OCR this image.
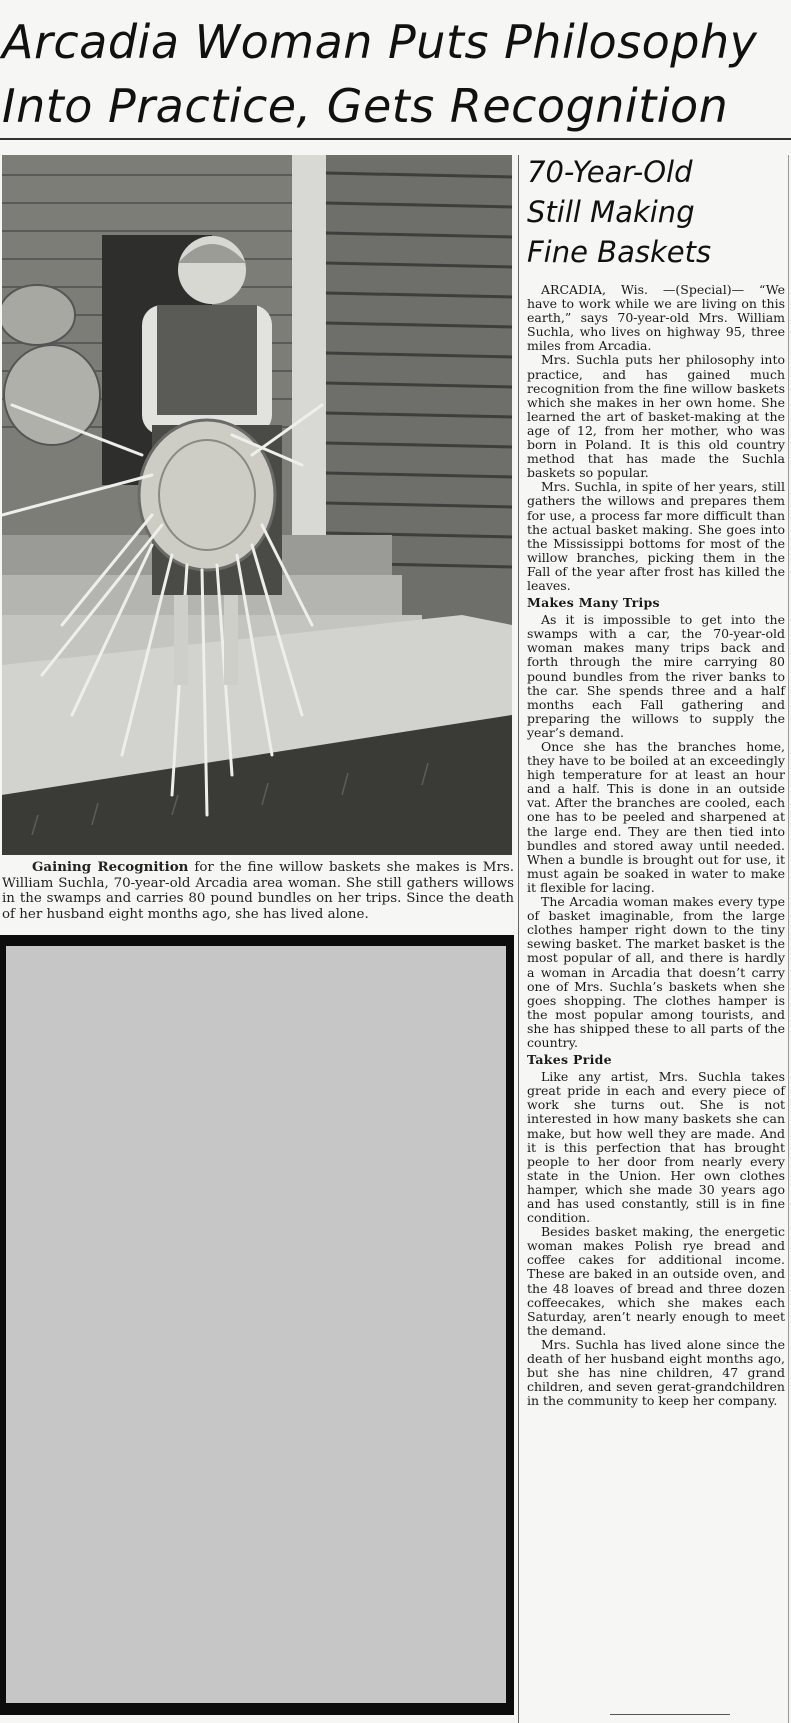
Arcadia Woman Puts Philosophy
Into Practice, Gets Recognition
Gaining Recognition for the fine willow baskets she makes is Mrs. William Suchla, 70-year-old Arcadia area woman. She still gathers willows in the swamps and carries 80 pound bundles on her trips. Since the death of her husband eight months ago, she has lived alone.
70-Year-Old
Still Making
Fine Baskets

ARCADIA, Wis. —(Special)— “We have to work while we are living on this earth,” says 70-year-old Mrs. William Suchla, who lives on highway 95, three miles from Arcadia.

Mrs. Suchla puts her philosophy into practice, and has gained much recognition from the fine willow baskets which she makes in her own home. She learned the art of basket-making at the age of 12, from her mother, who was born in Poland. It is this old country method that has made the Suchla baskets so popular.

Mrs. Suchla, in spite of her years, still gathers the willows and prepares them for use, a process far more difficult than the actual basket making. She goes into the Mississippi bottoms for most of the willow branches, picking them in the Fall of the year after frost has killed the leaves.

Makes Many Trips

As it is impossible to get into the swamps with a car, the 70-year-old woman makes many trips back and forth through the mire carrying 80 pound bundles from the river banks to the car. She spends three and a half months each Fall gathering and preparing the willows to supply the year’s demand.

Once she has the branches home, they have to be boiled at an exceedingly high temperature for at least an hour and a half. This is done in an outside vat. After the branches are cooled, each one has to be peeled and sharpened at the large end. They are then tied into bundles and stored away until needed. When a bundle is brought out for use, it must again be soaked in water to make it flexible for lacing.

The Arcadia woman makes every type of basket imaginable, from the large clothes hamper right down to the tiny sewing basket. The market basket is the most popular of all, and there is hardly a woman in Arcadia that doesn’t carry one of Mrs. Suchla’s baskets when she goes shopping. The clothes hamper is the most popular among tourists, and she has shipped these to all parts of the country.

Takes Pride

Like any artist, Mrs. Suchla takes great pride in each and every piece of work she turns out. She is not interested in how many baskets she can make, but how well they are made. And it is this perfection that has brought people to her door from nearly every state in the Union. Her own clothes hamper, which she made 30 years ago and has used constantly, still is in fine condition.

Besides basket making, the energetic woman makes Polish rye bread and coffee cakes for additional income. These are baked in an outside oven, and the 48 loaves of bread and three dozen coffeecakes, which she makes each Saturday, aren’t nearly enough to meet the demand.

Mrs. Suchla has lived alone since the death of her husband eight months ago, but she has nine children, 47 grand children, and seven gerat-grandchildren in the community to keep her company.
